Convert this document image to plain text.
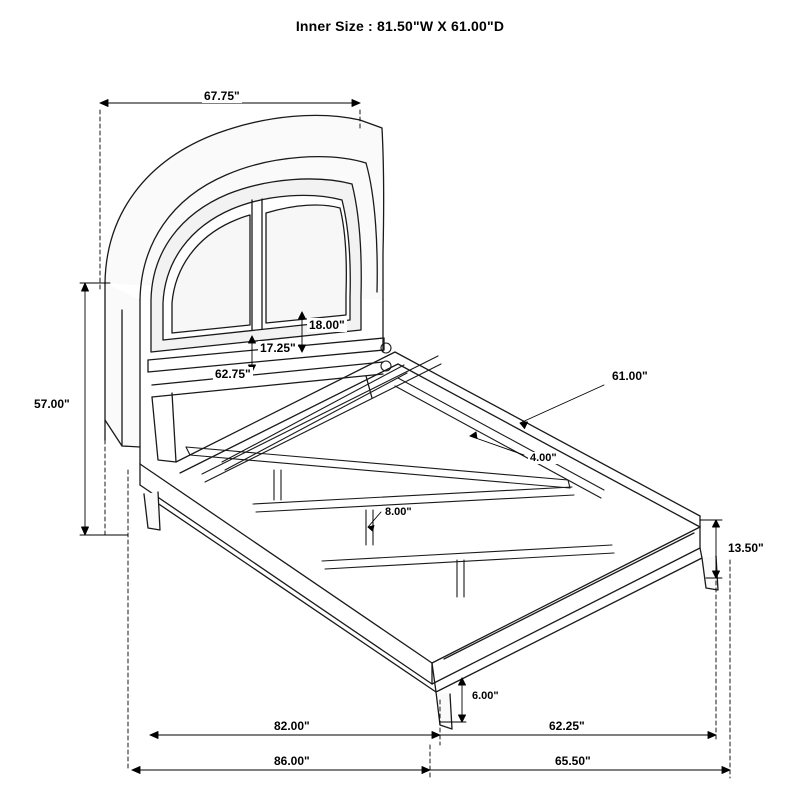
Inner Size : 81.50"W X 61.00"D
67.75"
57.00"
18.00"
17.25"
62.75"	61.00"
4.00"
8.00"
13.50"
6.00"
82.00"	62.25"
86.00"	65.50"
